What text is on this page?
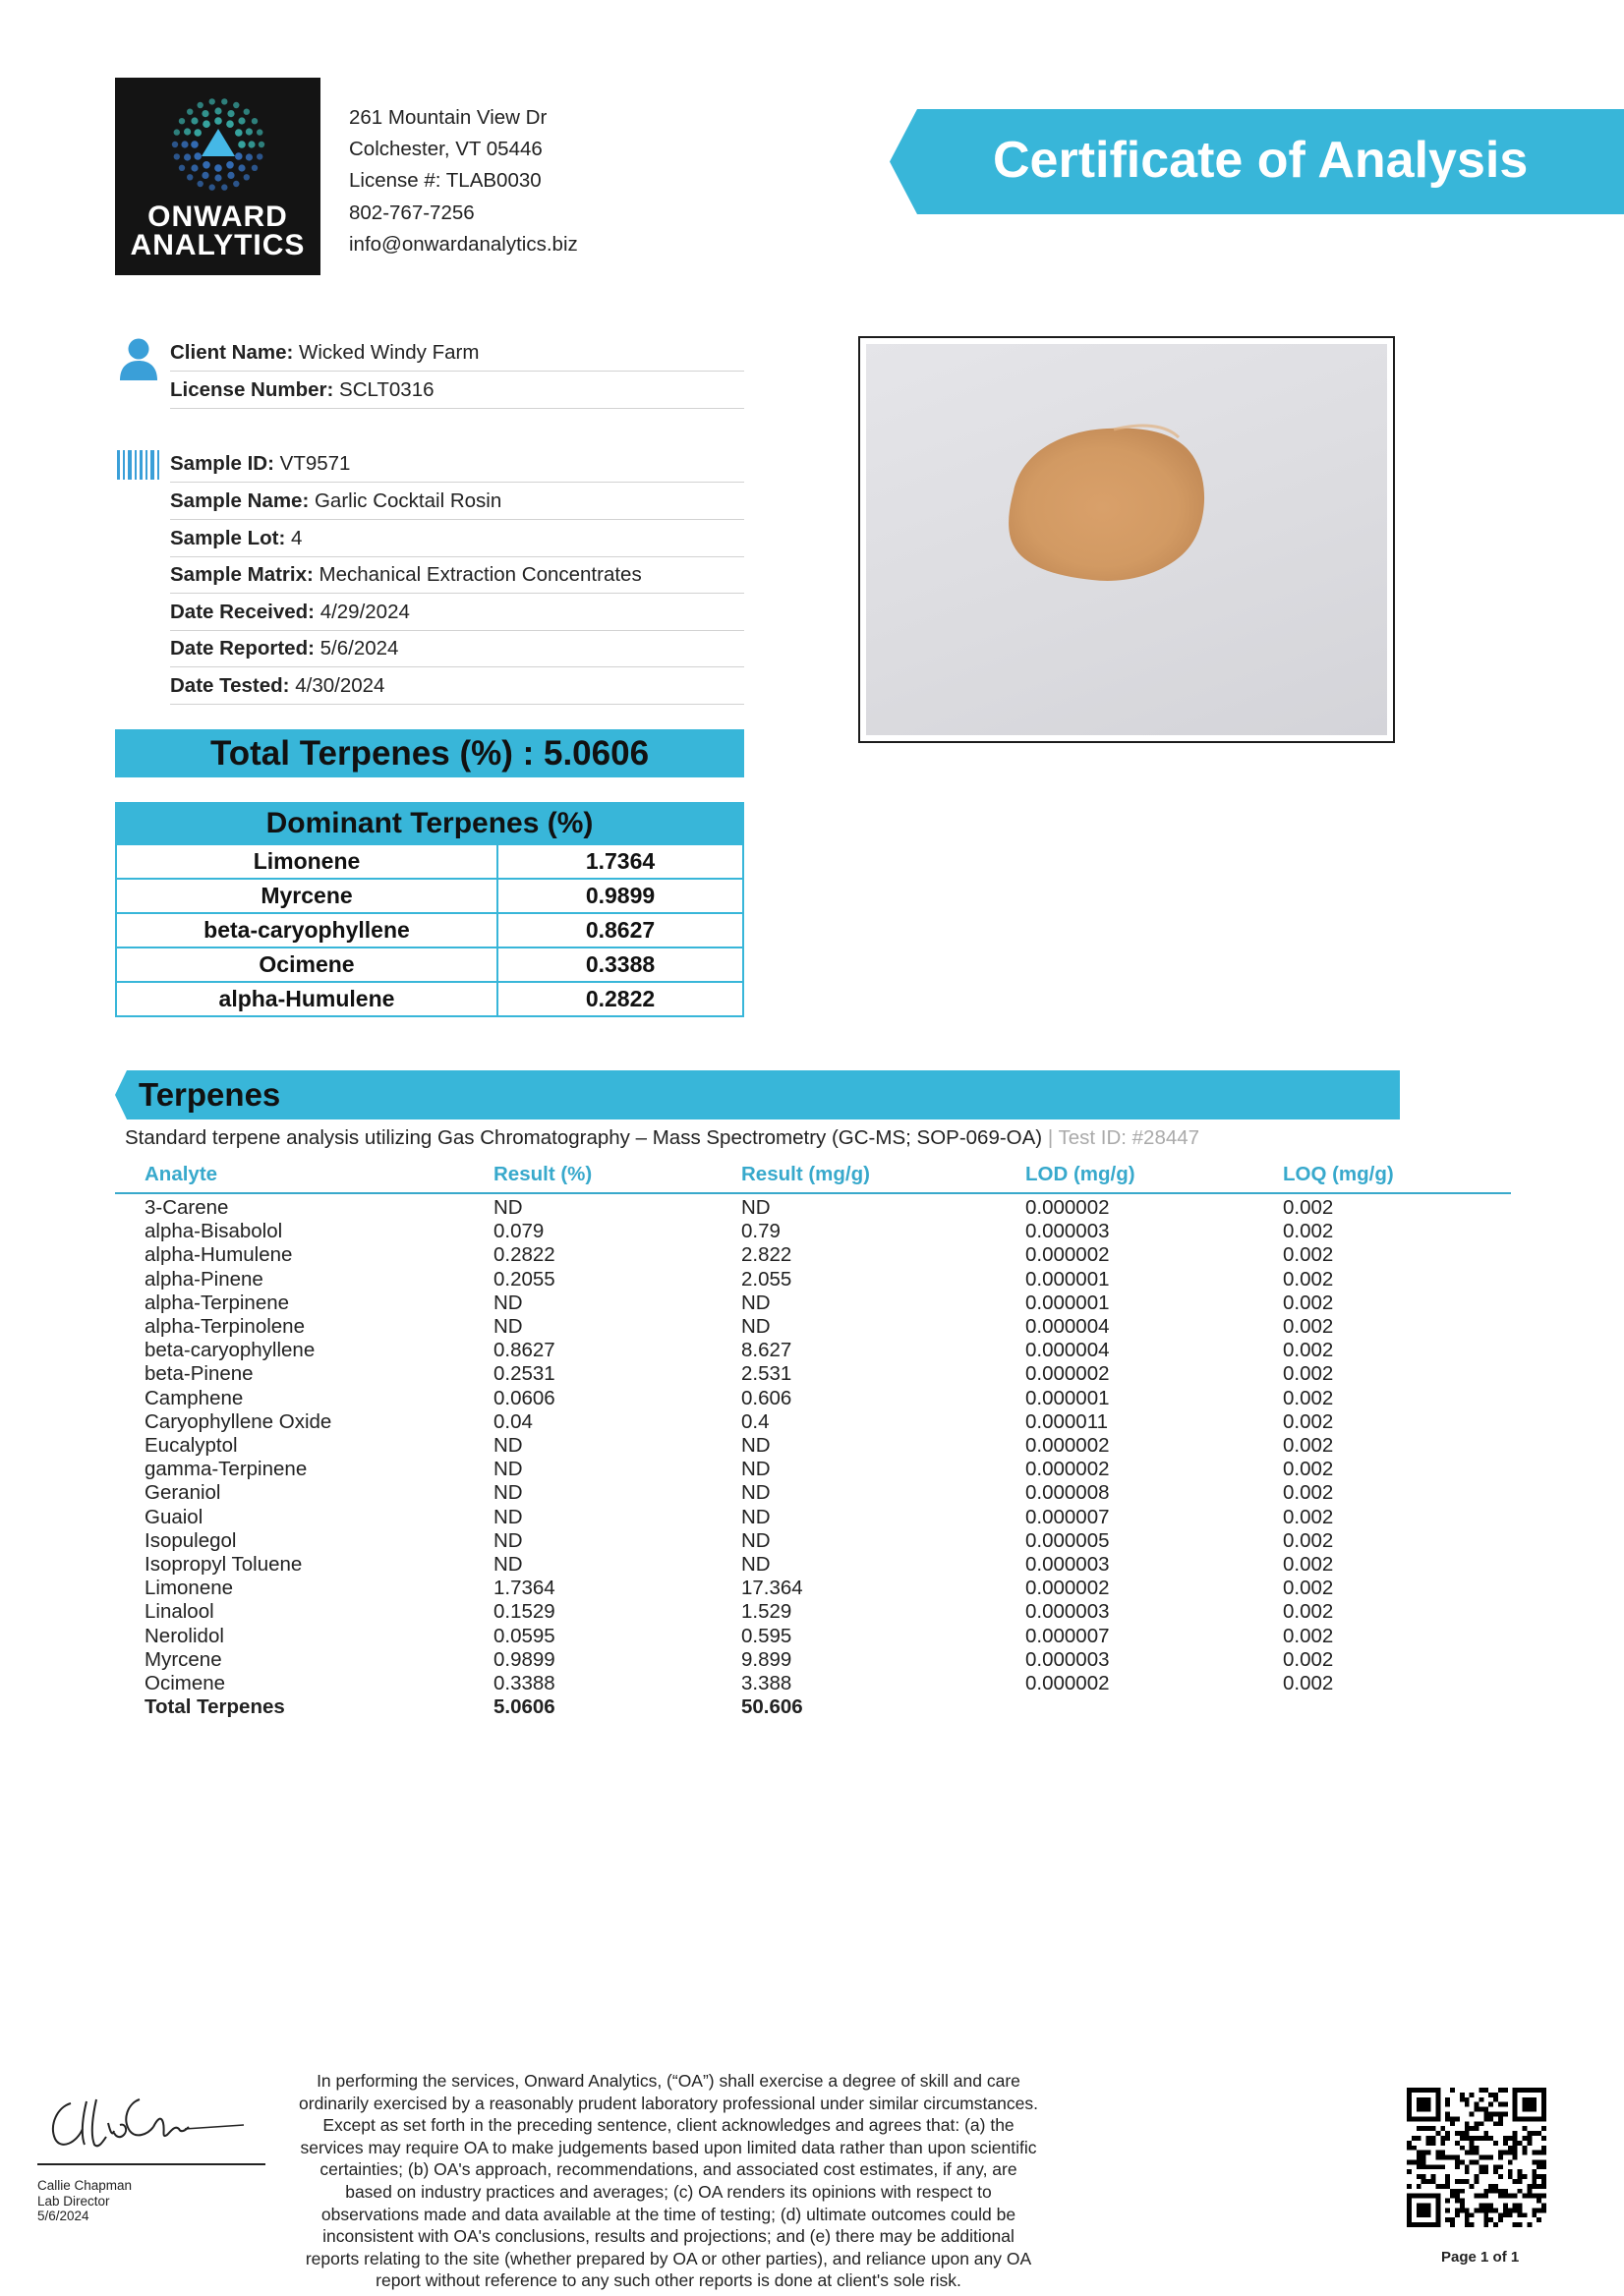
ONWARD
ANALYTICS
261 Mountain View Dr
Colchester, VT 05446
License #: TLAB0030
802-767-7256
info@onwardanalytics.biz
Certificate of Analysis
Client Name: Wicked Windy Farm
License Number: SCLT0316
Sample ID: VT9571
Sample Name: Garlic Cocktail Rosin
Sample Lot: 4
Sample Matrix: Mechanical Extraction Concentrates
Date Received: 4/29/2024
Date Reported: 5/6/2024
Date Tested: 4/30/2024
Total Terpenes (%) : 5.0606
Dominant Terpenes (%)	
Limonene	1.7364
Myrcene	0.9899
beta-caryophyllene	0.8627
Ocimene	0.3388
alpha-Humulene	0.2822
Terpenes
Standard terpene analysis utilizing Gas Chromatography – Mass Spectrometry (GC-MS; SOP-069-OA) | Test ID: #28447
Analyte	Result (%)	Result (mg/g)	LOD (mg/g)	LOQ (mg/g)
3-Carene	ND	ND	0.000002	0.002
alpha-Bisabolol	0.079	0.79	0.000003	0.002
alpha-Humulene	0.2822	2.822	0.000002	0.002
alpha-Pinene	0.2055	2.055	0.000001	0.002
alpha-Terpinene	ND	ND	0.000001	0.002
alpha-Terpinolene	ND	ND	0.000004	0.002
beta-caryophyllene	0.8627	8.627	0.000004	0.002
beta-Pinene	0.2531	2.531	0.000002	0.002
Camphene	0.0606	0.606	0.000001	0.002
Caryophyllene Oxide	0.04	0.4	0.000011	0.002
Eucalyptol	ND	ND	0.000002	0.002
gamma-Terpinene	ND	ND	0.000002	0.002
Geraniol	ND	ND	0.000008	0.002
Guaiol	ND	ND	0.000007	0.002
Isopulegol	ND	ND	0.000005	0.002
Isopropyl Toluene	ND	ND	0.000003	0.002
Limonene	1.7364	17.364	0.000002	0.002
Linalool	0.1529	1.529	0.000003	0.002
Nerolidol	0.0595	0.595	0.000007	0.002
Myrcene	0.9899	9.899	0.000003	0.002
Ocimene	0.3388	3.388	0.000002	0.002
Total Terpenes	5.0606	50.606
Callie Chapman
Lab Director
5/6/2024
In performing the services, Onward Analytics, (“OA”) shall exercise a degree of skill and care ordinarily exercised by a reasonably prudent laboratory professional under similar circumstances. Except as set forth in the preceding sentence, client acknowledges and agrees that: (a) the services may require OA to make judgements based upon limited data rather than upon scientific certainties; (b) OA's approach, recommendations, and associated cost estimates, if any, are based on industry practices and averages; (c) OA renders its opinions with respect to observations made and data available at the time of testing; (d) ultimate outcomes could be inconsistent with OA's conclusions, results and projections; and (e) there may be additional reports relating to the site (whether prepared by OA or other parties), and reliance upon any OA report without reference to any such other reports is done at client's sole risk.
Page 1 of 1
